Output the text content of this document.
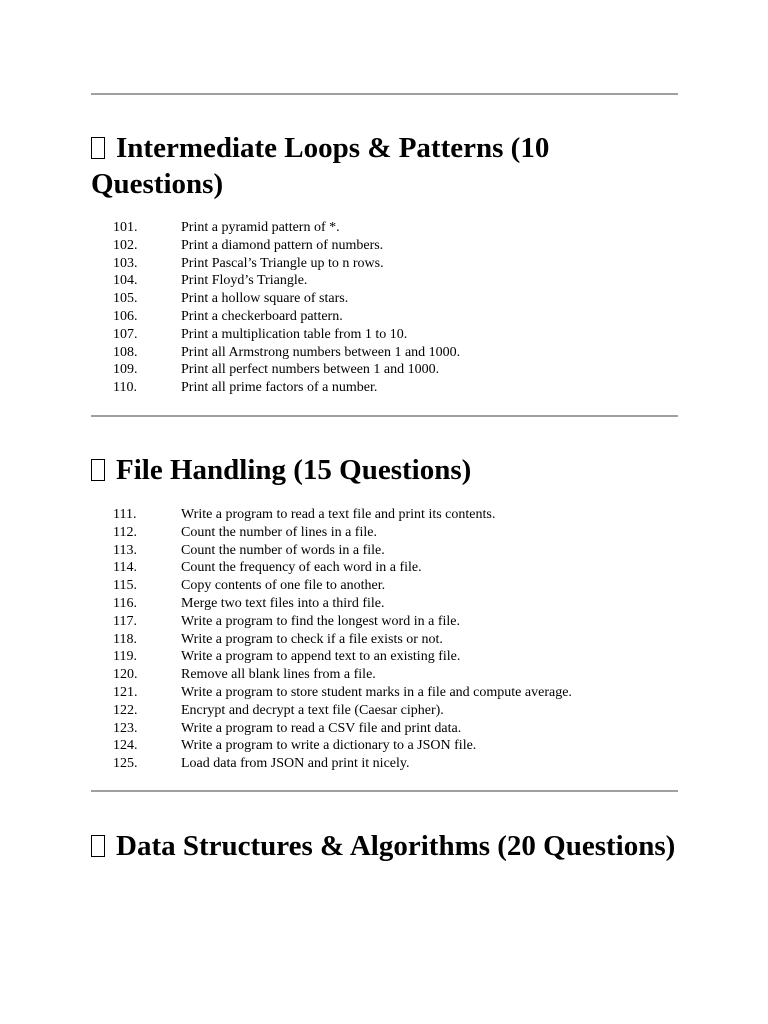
Intermediate Loops & Patterns (10 Questions)
101.	Print a pyramid pattern of *.
102.	Print a diamond pattern of numbers.
103.	Print Pascal’s Triangle up to n rows.
104.	Print Floyd’s Triangle.
105.	Print a hollow square of stars.
106.	Print a checkerboard pattern.
107.	Print a multiplication table from 1 to 10.
108.	Print all Armstrong numbers between 1 and 1000.
109.	Print all perfect numbers between 1 and 1000.
110.	Print all prime factors of a number.
File Handling (15 Questions)
111.	Write a program to read a text file and print its contents.
112.	Count the number of lines in a file.
113.	Count the number of words in a file.
114.	Count the frequency of each word in a file.
115.	Copy contents of one file to another.
116.	Merge two text files into a third file.
117.	Write a program to find the longest word in a file.
118.	Write a program to check if a file exists or not.
119.	Write a program to append text to an existing file.
120.	Remove all blank lines from a file.
121.	Write a program to store student marks in a file and compute average.
122.	Encrypt and decrypt a text file (Caesar cipher).
123.	Write a program to read a CSV file and print data.
124.	Write a program to write a dictionary to a JSON file.
125.	Load data from JSON and print it nicely.
Data Structures & Algorithms (20 Questions)
